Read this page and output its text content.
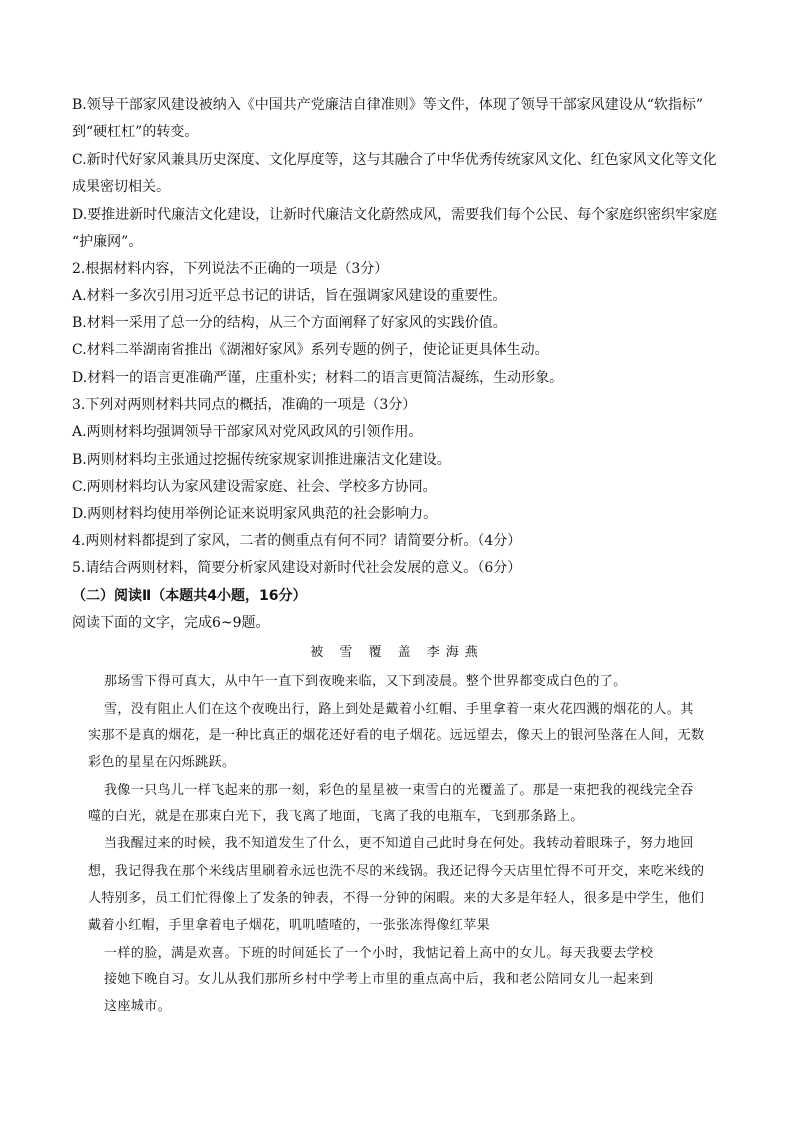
B.领导干部家风建设被纳入《中国共产党廉洁自律准则》等文件，体现了领导干部家风建设从“软指标”
到“硬杠杠”的转变。
C.新时代好家风兼具历史深度、文化厚度等，这与其融合了中华优秀传统家风文化、红色家风文化等文化
成果密切相关。
D.要推进新时代廉洁文化建设，让新时代廉洁文化蔚然成风，需要我们每个公民、每个家庭织密织牢家庭
“护廉网”。
2.根据材料内容，下列说法不正确的一项是（3分）
A.材料一多次引用习近平总书记的讲话，旨在强调家风建设的重要性。
B.材料一采用了总一分的结构，从三个方面阐释了好家风的实践价值。
C.材料二举湖南省推出《湖湘好家风》系列专题的例子，使论证更具体生动。
D.材料一的语言更准确严谨，庄重朴实；材料二的语言更简洁凝练，生动形象。
3.下列对两则材料共同点的概括，准确的一项是（3分）
A.两则材料均强调领导干部家风对党风政风的引领作用。
B.两则材料均主张通过挖掘传统家规家训推进廉洁文化建设。
C.两则材料均认为家风建设需家庭、社会、学校多方协同。
D.两则材料均使用举例论证来说明家风典范的社会影响力。
4.两则材料都提到了家风，二者的侧重点有何不同？请简要分析。（4分）
5.请结合两则材料，简要分析家风建设对新时代社会发展的意义。（6分）
（二）阅读Ⅱ（本题共4小题，16分）
阅读下面的文字，完成6~9题。
被 雪 覆 盖 李海燕
那场雪下得可真大，从中午一直下到夜晚来临，又下到凌晨。整个世界都变成白色的了。
雪，没有阻止人们在这个夜晚出行，路上到处是戴着小红帽、手里拿着一束火花四溅的烟花的人。其
实那不是真的烟花，是一种比真正的烟花还好看的电子烟花。远远望去，像天上的银河坠落在人间，无数
彩色的星星在闪烁跳跃。
我像一只鸟儿一样飞起来的那一刻，彩色的星星被一束雪白的光覆盖了。那是一束把我的视线完全吞
噬的白光，就是在那束白光下，我飞离了地面，飞离了我的电瓶车，飞到那条路上。
当我醒过来的时候，我不知道发生了什么，更不知道自己此时身在何处。我转动着眼珠子，努力地回
想，我记得我在那个米线店里刷着永远也洗不尽的米线锅。我还记得今天店里忙得不可开交，来吃米线的
人特别多，员工们忙得像上了发条的钟表，不得一分钟的闲暇。来的大多是年轻人，很多是中学生，他们
戴着小红帽，手里拿着电子烟花，叽叽喳喳的，一张张冻得像红苹果
一样的脸，满是欢喜。下班的时间延长了一个小时，我惦记着上高中的女儿。每天我要去学校
接她下晚自习。女儿从我们那所乡村中学考上市里的重点高中后，我和老公陪同女儿一起来到
这座城市。
